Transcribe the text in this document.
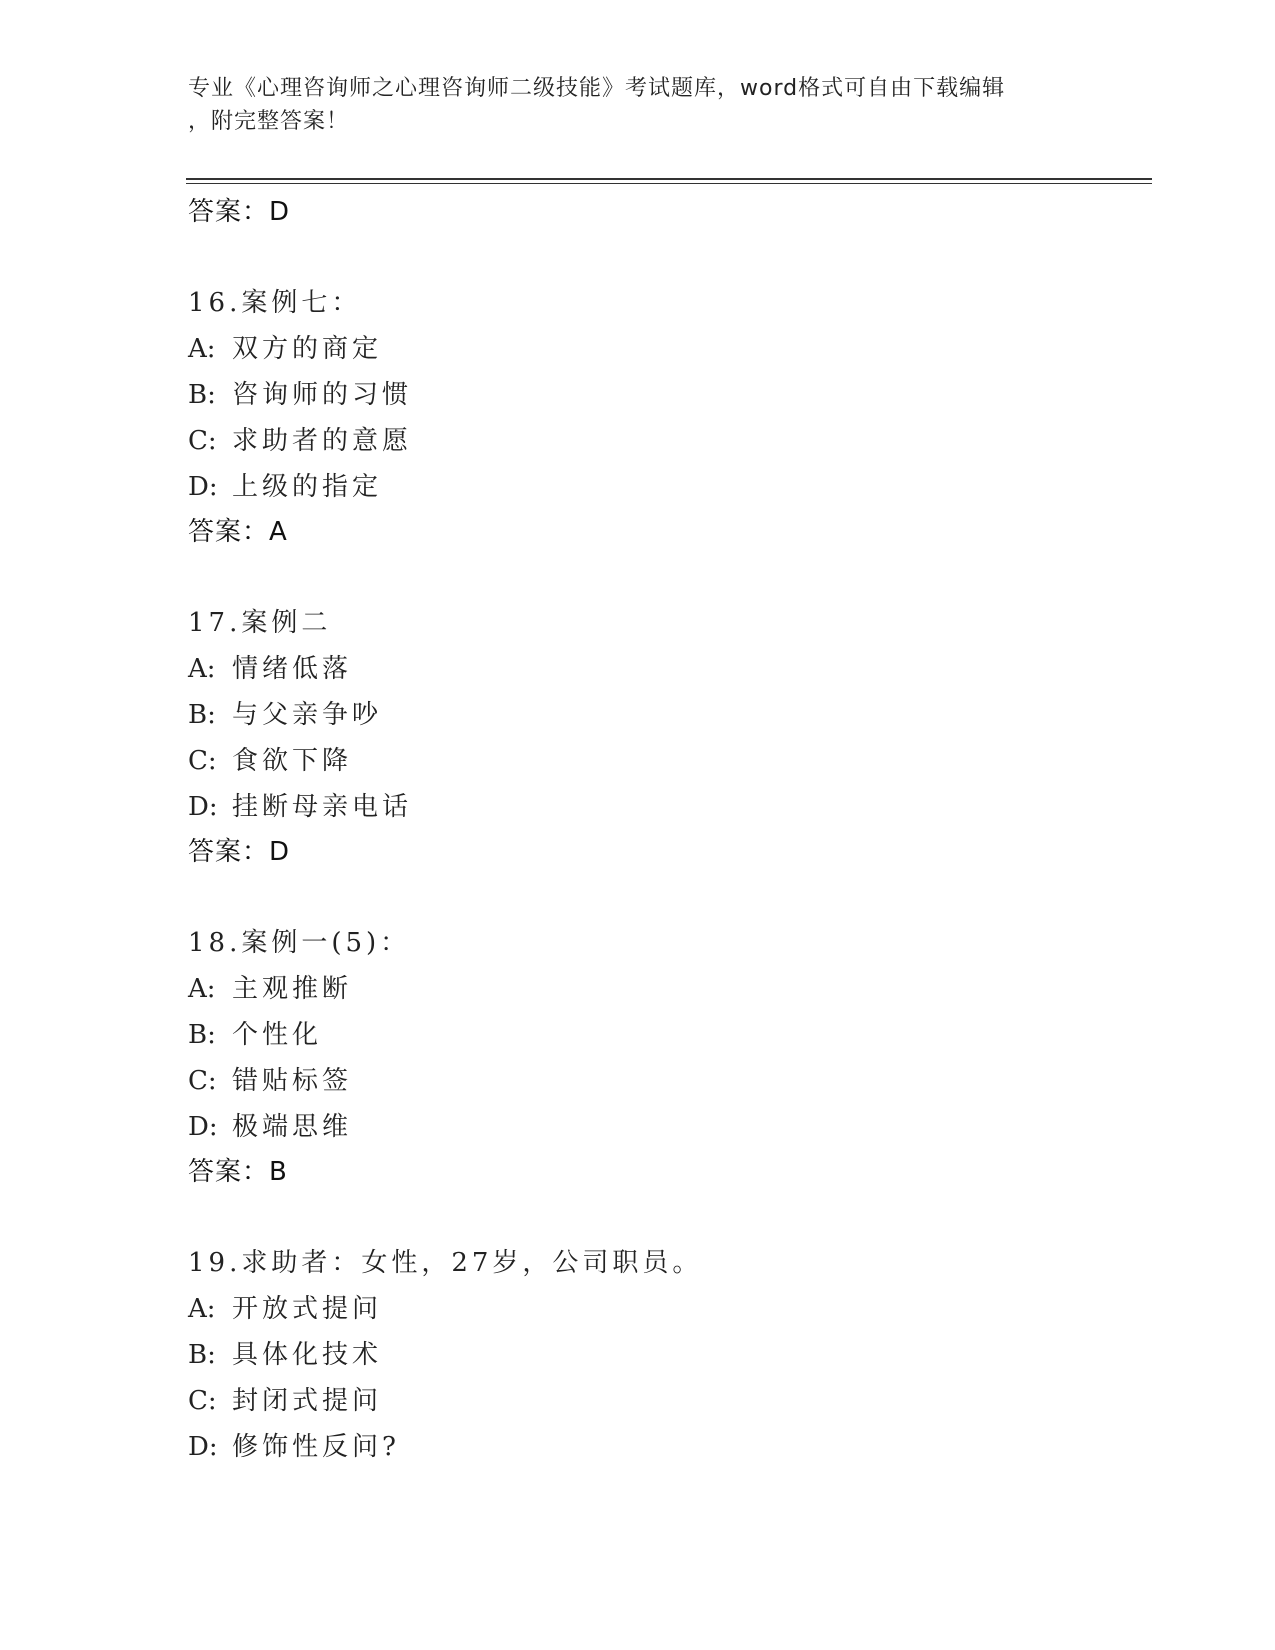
专业《心理咨询师之心理咨询师二级技能》考试题库，word格式可自由下载编辑
，附完整答案！
答案：D
16.案例七：
A: 双方的商定
B: 咨询师的习惯
C: 求助者的意愿
D: 上级的指定
答案：A
17.案例二
A: 情绪低落
B: 与父亲争吵
C: 食欲下降
D: 挂断母亲电话
答案：D
18.案例一(5)：
A: 主观推断
B: 个性化
C: 错贴标签
D: 极端思维
答案：B
19.求助者：女性，27岁，公司职员。
A: 开放式提问
B: 具体化技术
C: 封闭式提问
D: 修饰性反问?
